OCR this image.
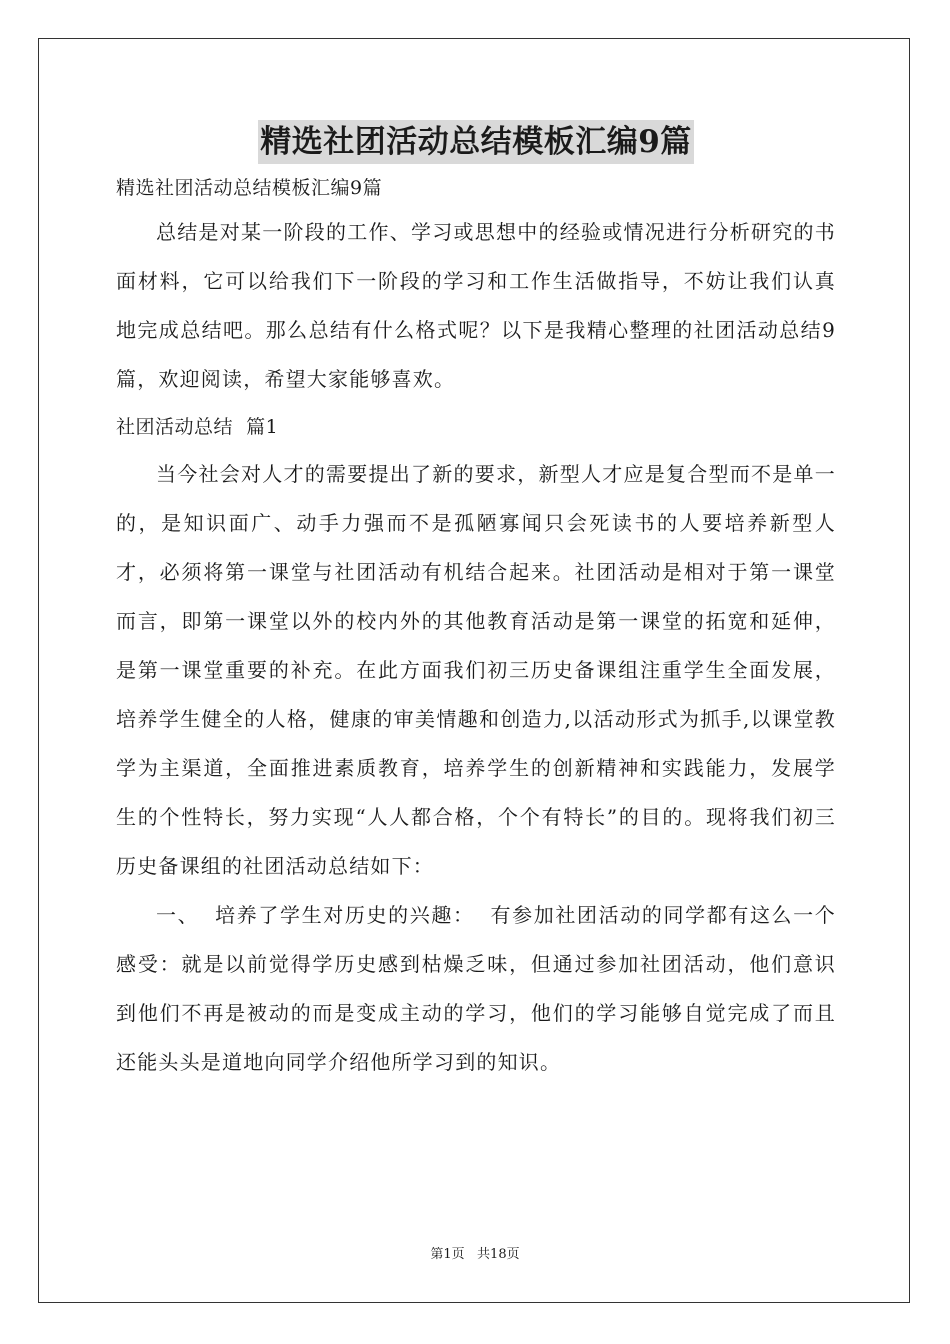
精选社团活动总结模板汇编9篇
精选社团活动总结模板汇编9篇

总结是对某一阶段的工作、学习或思想中的经验或情况进行分析研究的书面材料，它可以给我们下一阶段的学习和工作生活做指导，不妨让我们认真地完成总结吧。那么总结有什么格式呢？以下是我精心整理的社团活动总结9篇，欢迎阅读，希望大家能够喜欢。

社团活动总结  篇1

当今社会对人才的需要提出了新的要求，新型人才应是复合型而不是单一的，是知识面广、动手力强而不是孤陋寡闻只会死读书的人要培养新型人才，必须将第一课堂与社团活动有机结合起来。社团活动是相对于第一课堂而言，即第一课堂以外的校内外的其他教育活动是第一课堂的拓宽和延伸，是第一课堂重要的补充。在此方面我们初三历史备课组注重学生全面发展，培养学生健全的人格，健康的审美情趣和创造力,以活动形式为抓手,以课堂教学为主渠道，全面推进素质教育，培养学生的创新精神和实践能力，发展学生的个性特长，努力实现“人人都合格，个个有特长”的目的。现将我们初三历史备课组的社团活动总结如下：

一、  培养了学生对历史的兴趣：  有参加社团活动的同学都有这么一个感受：就是以前觉得学历史感到枯燥乏味，但通过参加社团活动，他们意识到他们不再是被动的而是变成主动的学习，他们的学习能够自觉完成了而且还能头头是道地向同学介绍他所学习到的知识。

第1页   共18页
